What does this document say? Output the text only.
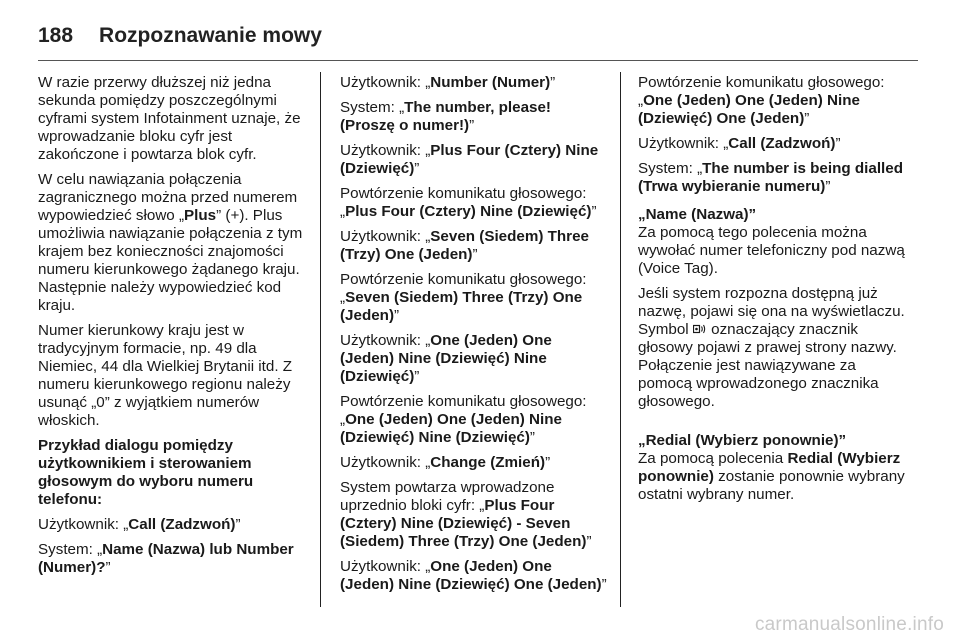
188 Rozpoznawanie mowy

W razie przerwy dłuższej niż jedna sekunda pomiędzy poszczególnymi cyframi system Infotainment uznaje, że wprowadzanie bloku cyfr jest zakończone i powtarza blok cyfr.

W celu nawiązania połączenia zagranicznego można przed numerem wypowiedzieć słowo „Plus” (+). Plus umożliwia nawiązanie połączenia z tym krajem bez konieczności znajomości numeru kierunkowego żądanego kraju. Następnie należy wypowiedzieć kod kraju.

Numer kierunkowy kraju jest w tradycyjnym formacie, np. 49 dla Niemiec, 44 dla Wielkiej Brytanii itd. Z numeru kierunkowego regionu należy usunąć „0” z wyjątkiem numerów włoskich.

Przykład dialogu pomiędzy użytkownikiem i sterowaniem głosowym do wyboru numeru telefonu:

Użytkownik: „Call (Zadzwoń)”

System: „Name (Nazwa) lub Number (Numer)?”

Użytkownik: „Number (Numer)”

System: „The number, please! (Proszę o numer!)”

Użytkownik: „Plus Four (Cztery) Nine (Dziewięć)”

Powtórzenie komunikatu głosowego: „Plus Four (Cztery) Nine (Dziewięć)”

Użytkownik: „Seven (Siedem) Three (Trzy) One (Jeden)”

Powtórzenie komunikatu głosowego: „Seven (Siedem) Three (Trzy) One (Jeden)”

Użytkownik: „One (Jeden) One (Jeden) Nine (Dziewięć) Nine (Dziewięć)”

Powtórzenie komunikatu głosowego: „One (Jeden) One (Jeden) Nine (Dziewięć) Nine (Dziewięć)”

Użytkownik: „Change (Zmień)”

System powtarza wprowadzone uprzednio bloki cyfr: „Plus Four (Cztery) Nine (Dziewięć) - Seven (Siedem) Three (Trzy) One (Jeden)”

Użytkownik: „One (Jeden) One (Jeden) Nine (Dziewięć) One (Jeden)”

Powtórzenie komunikatu głosowego: „One (Jeden) One (Jeden) Nine (Dziewięć) One (Jeden)”

Użytkownik: „Call (Zadzwoń)”

System: „The number is being dialled (Trwa wybieranie numeru)”

„Name (Nazwa)”

Za pomocą tego polecenia można wywołać numer telefoniczny pod nazwą (Voice Tag).

Jeśli system rozpozna dostępną już nazwę, pojawi się ona na wyświetlaczu. Symbol oznaczający znacznik głosowy pojawi z prawej strony nazwy. Połączenie jest nawiązywane za pomocą wprowadzonego znacznika głosowego.

„Redial (Wybierz ponownie)”

Za pomocą polecenia Redial (Wybierz ponownie) zostanie ponownie wybrany ostatni wybrany numer.

carmanualsonline.info
